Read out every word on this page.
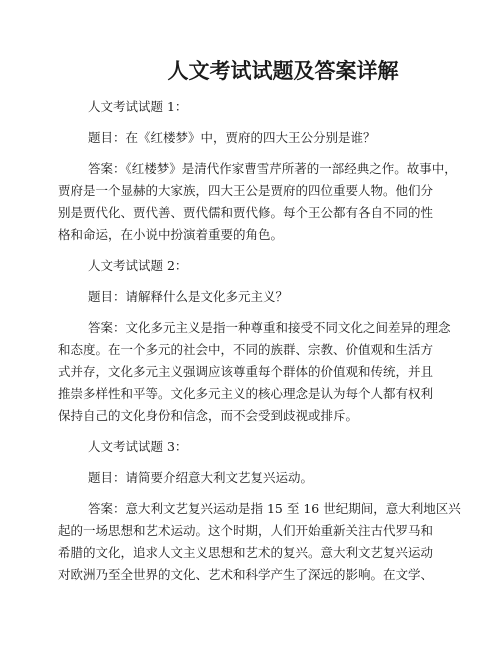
人文考试试题及答案详解

人文考试试题 1：

题目：在《红楼梦》中，贾府的四大王公分别是谁？

答案：《红楼梦》是清代作家曹雪芹所著的一部经典之作。故事中，
贾府是一个显赫的大家族，四大王公是贾府的四位重要人物。他们分
别是贾代化、贾代善、贾代儒和贾代修。每个王公都有各自不同的性
格和命运，在小说中扮演着重要的角色。

人文考试试题 2：

题目：请解释什么是文化多元主义？

答案：文化多元主义是指一种尊重和接受不同文化之间差异的理念
和态度。在一个多元的社会中，不同的族群、宗教、价值观和生活方
式并存，文化多元主义强调应该尊重每个群体的价值观和传统，并且
推崇多样性和平等。文化多元主义的核心理念是认为每个人都有权利
保持自己的文化身份和信念，而不会受到歧视或排斥。

人文考试试题 3：

题目：请简要介绍意大利文艺复兴运动。

答案：意大利文艺复兴运动是指 15 至 16 世纪期间，意大利地区兴
起的一场思想和艺术运动。这个时期，人们开始重新关注古代罗马和
希腊的文化，追求人文主义思想和艺术的复兴。意大利文艺复兴运动
对欧洲乃至全世界的文化、艺术和科学产生了深远的影响。在文学、
